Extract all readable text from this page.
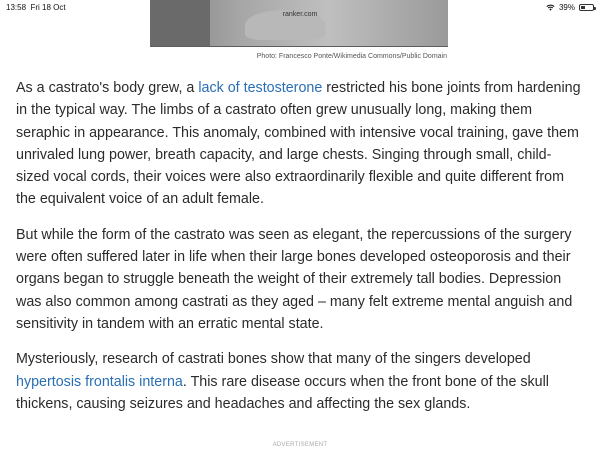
13:58 Fri 18 Oct	39%
ranker.com
Photo: Francesco Ponte/Wikimedia Commons/Public Domain

As a castrato's body grew, a lack of testosterone restricted his bone joints from hardening in the typical way. The limbs of a castrato often grew unusually long, making them seraphic in appearance. This anomaly, combined with intensive vocal training, gave them unrivaled lung power, breath capacity, and large chests. Singing through small, child-sized vocal cords, their voices were also extraordinarily flexible and quite different from the equivalent voice of an adult female.

But while the form of the castrato was seen as elegant, the repercussions of the surgery were often suffered later in life when their large bones developed osteoporosis and their organs began to struggle beneath the weight of their extremely tall bodies. Depression was also common among castrati as they aged – many felt extreme mental anguish and sensitivity in tandem with an erratic mental state.

Mysteriously, research of castrati bones show that many of the singers developed hypertosis frontalis interna. This rare disease occurs when the front bone of the skull thickens, causing seizures and headaches and affecting the sex glands.

ADVERTISEMENT
